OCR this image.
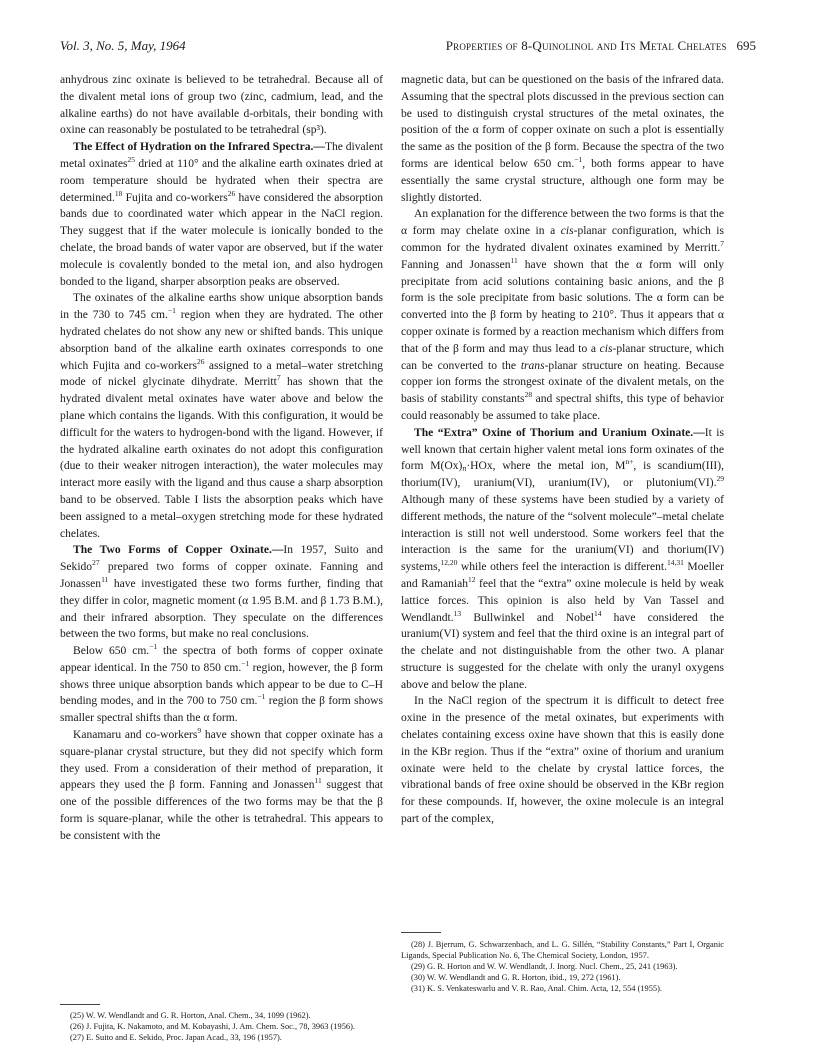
Vol. 3, No. 5, May, 1964	Properties of 8-Quinolinol and Its Metal Chelates 695

anhydrous zinc oxinate is believed to be tetrahedral. Because all of the divalent metal ions of group two (zinc, cadmium, lead, and the alkaline earths) do not have available d-orbitals, their bonding with oxine can reasonably be postulated to be tetrahedral (sp³).

The Effect of Hydration on the Infrared Spectra.—The divalent metal oxinates$^{25}$ dried at 110° and the alkaline earth oxinates dried at room temperature should be hydrated when their spectra are determined.$^{18}$ Fujita and co-workers$^{26}$ have considered the absorption bands due to coordinated water which appear in the NaCl region. They suggest that if the water molecule is ionically bonded to the chelate, the broad bands of water vapor are observed, but if the water molecule is covalently bonded to the metal ion, and also hydrogen bonded to the ligand, sharper absorption peaks are observed.

The oxinates of the alkaline earths show unique absorption bands in the 730 to 745 cm.$^{-1}$ region when they are hydrated. The other hydrated chelates do not show any new or shifted bands. This unique absorption band of the alkaline earth oxinates corresponds to one which Fujita and co-workers$^{26}$ assigned to a metal–water stretching mode of nickel glycinate dihydrate. Merritt$^7$ has shown that the hydrated divalent metal oxinates have water above and below the plane which contains the ligands. With this configuration, it would be difficult for the waters to hydrogen-bond with the ligand. However, if the hydrated alkaline earth oxinates do not adopt this configuration (due to their weaker nitrogen interaction), the water molecules may interact more easily with the ligand and thus cause a sharp absorption band to be observed. Table I lists the absorption peaks which have been assigned to a metal–oxygen stretching mode for these hydrated chelates.

The Two Forms of Copper Oxinate.—In 1957, Suito and Sekido$^{27}$ prepared two forms of copper oxinate. Fanning and Jonassen$^{11}$ have investigated these two forms further, finding that they differ in color, magnetic moment (α 1.95 B.M. and β 1.73 B.M.), and their infrared absorption. They speculate on the differences between the two forms, but make no real conclusions.

Below 650 cm.$^{-1}$ the spectra of both forms of copper oxinate appear identical. In the 750 to 850 cm.$^{-1}$ region, however, the β form shows three unique absorption bands which appear to be due to C–H bending modes, and in the 700 to 750 cm.$^{-1}$ region the β form shows smaller spectral shifts than the α form.

Kanamaru and co-workers$^9$ have shown that copper oxinate has a square-planar crystal structure, but they did not specify which form they used. From a consideration of their method of preparation, it appears they used the β form. Fanning and Jonassen$^{11}$ suggest that one of the possible differences of the two forms may be that the β form is square-planar, while the other is tetrahedral. This appears to be consistent with the

(25) W. W. Wendlandt and G. R. Horton, Anal. Chem., 34, 1099 (1962).

(26) J. Fujita, K. Nakamoto, and M. Kobayashi, J. Am. Chem. Soc., 78, 3963 (1956).

(27) E. Suito and E. Sekido, Proc. Japan Acad., 33, 196 (1957).

magnetic data, but can be questioned on the basis of the infrared data. Assuming that the spectral plots discussed in the previous section can be used to distinguish crystal structures of the metal oxinates, the position of the α form of copper oxinate on such a plot is essentially the same as the position of the β form. Because the spectra of the two forms are identical below 650 cm.$^{-1}$, both forms appear to have essentially the same crystal structure, although one form may be slightly distorted.

An explanation for the difference between the two forms is that the α form may chelate oxine in a cis-planar configuration, which is common for the hydrated divalent oxinates examined by Merritt.$^7$ Fanning and Jonassen$^{11}$ have shown that the α form will only precipitate from acid solutions containing basic anions, and the β form is the sole precipitate from basic solutions. The α form can be converted into the β form by heating to 210°. Thus it appears that α copper oxinate is formed by a reaction mechanism which differs from that of the β form and may thus lead to a cis-planar structure, which can be converted to the trans-planar structure on heating. Because copper ion forms the strongest oxinate of the divalent metals, on the basis of stability constants$^{28}$ and spectral shifts, this type of behavior could reasonably be assumed to take place.

The “Extra” Oxine of Thorium and Uranium Oxinate.—It is well known that certain higher valent metal ions form oxinates of the form $M(Ox)_n\cdot HOx$, where the metal ion, $M^{n+}$, is scandium(III), thorium(IV), uranium(VI), uranium(IV), or plutonium(VI).$^{29}$ Although many of these systems have been studied by a variety of different methods, the nature of the “solvent molecule”–metal chelate interaction is still not well understood. Some workers feel that the interaction is the same for the uranium(VI) and thorium(IV) systems,$^{12,20}$ while others feel the interaction is different.$^{14,31}$ Moeller and Ramaniah$^{12}$ feel that the “extra” oxine molecule is held by weak lattice forces. This opinion is also held by Van Tassel and Wendlandt.$^{13}$ Bullwinkel and Nobel$^{14}$ have considered the uranium(VI) system and feel that the third oxine is an integral part of the chelate and not distinguishable from the other two. A planar structure is suggested for the chelate with only the uranyl oxygens above and below the plane.

In the NaCl region of the spectrum it is difficult to detect free oxine in the presence of the metal oxinates, but experiments with chelates containing excess oxine have shown that this is easily done in the KBr region. Thus if the “extra” oxine of thorium and uranium oxinate were held to the chelate by crystal lattice forces, the vibrational bands of free oxine should be observed in the KBr region for these compounds. If, however, the oxine molecule is an integral part of the complex,

(28) J. Bjerrum, G. Schwarzenbach, and L. G. Sillén, “Stability Constants,” Part I, Organic Ligands, Special Publication No. 6, The Chemical Society, London, 1957.

(29) G. R. Horton and W. W. Wendlandt, J. Inorg. Nucl. Chem., 25, 241 (1963).

(30) W. W. Wendlandt and G. R. Horton, ibid., 19, 272 (1961).

(31) K. S. Venkateswarlu and V. R. Rao, Anal. Chim. Acta, 12, 554 (1955).
